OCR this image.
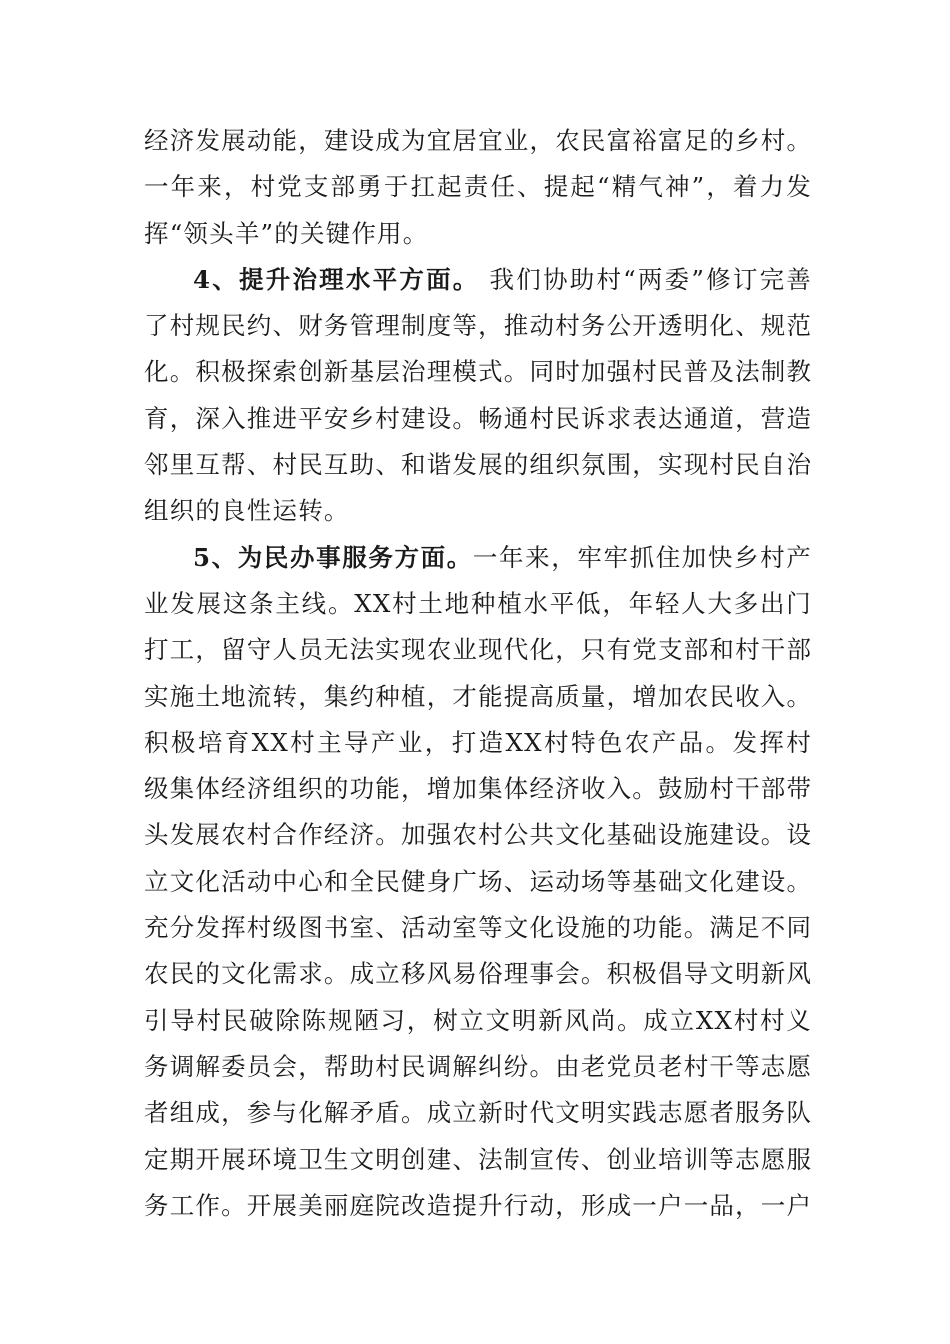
经济发展动能，建设成为宜居宜业，农民富裕富足的乡村。
一年来，村党支部勇于扛起责任、提起“精气神”，着力发
挥“领头羊”的关键作用。
4、提升治理水平方面。 我们协助村“两委”修订完善
了村规民约、财务管理制度等，推动村务公开透明化、规范
化。积极探索创新基层治理模式。同时加强村民普及法制教
育，深入推进平安乡村建设。畅通村民诉求表达通道，营造
邻里互帮、村民互助、和谐发展的组织氛围，实现村民自治
组织的良性运转。
5、为民办事服务方面。一年来，牢牢抓住加快乡村产
业发展这条主线。XX村土地种植水平低，年轻人大多出门
打工，留守人员无法实现农业现代化，只有党支部和村干部
实施土地流转，集约种植，才能提高质量，增加农民收入。
积极培育XX村主导产业，打造XX村特色农产品。发挥村
级集体经济组织的功能，增加集体经济收入。鼓励村干部带
头发展农村合作经济。加强农村公共文化基础设施建设。设
立文化活动中心和全民健身广场、运动场等基础文化建设。
充分发挥村级图书室、活动室等文化设施的功能。满足不同
农民的文化需求。成立移风易俗理事会。积极倡导文明新风
引导村民破除陈规陋习，树立文明新风尚。成立XX村村义
务调解委员会，帮助村民调解纠纷。由老党员老村干等志愿
者组成，参与化解矛盾。成立新时代文明实践志愿者服务队
定期开展环境卫生文明创建、法制宣传、创业培训等志愿服
务工作。开展美丽庭院改造提升行动，形成一户一品，一户
